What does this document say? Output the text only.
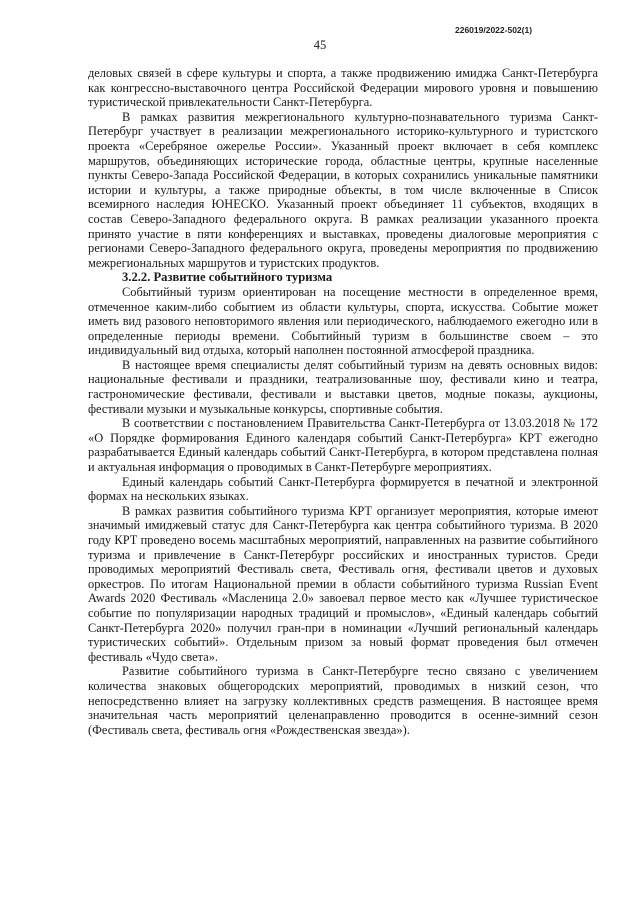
226019/2022-502(1)
45

деловых связей в сфере культуры и спорта, а также продвижению имиджа Санкт-Петербурга как конгрессно-выставочного центра Российской Федерации мирового уровня и повышению туристической привлекательности Санкт-Петербурга.

В рамках развития межрегионального культурно-познавательного туризма Санкт-Петербург участвует в реализации межрегионального историко-культурного и туристского проекта «Серебряное ожерелье России». Указанный проект включает в себя комплекс маршрутов, объединяющих исторические города, областные центры, крупные населенные пункты Северо-Запада Российской Федерации, в которых сохранились уникальные памятники истории и культуры, а также природные объекты, в том числе включенные в Список всемирного наследия ЮНЕСКО. Указанный проект объединяет 11 субъектов, входящих в состав Северо-Западного федерального округа. В рамках реализации указанного проекта принято участие в пяти конференциях и выставках, проведены диалоговые мероприятия с регионами Северо-Западного федерального округа, проведены мероприятия по продвижению межрегиональных маршрутов и туристских продуктов.

3.2.2. Развитие событийного туризма

Событийный туризм ориентирован на посещение местности в определенное время, отмеченное каким-либо событием из области культуры, спорта, искусства. Событие может иметь вид разового неповторимого явления или периодического, наблюдаемого ежегодно или в определенные периоды времени. Событийный туризм в большинстве своем – это индивидуальный вид отдыха, который наполнен постоянной атмосферой праздника.

В настоящее время специалисты делят событийный туризм на девять основных видов: национальные фестивали и праздники, театрализованные шоу, фестивали кино и театра, гастрономические фестивали, фестивали и выставки цветов, модные показы, аукционы, фестивали музыки и музыкальные конкурсы, спортивные события.

В соответствии с постановлением Правительства Санкт-Петербурга от 13.03.2018 № 172 «О Порядке формирования Единого календаря событий Санкт-Петербурга» КРТ ежегодно разрабатывается Единый календарь событий Санкт-Петербурга, в котором представлена полная и актуальная информация о проводимых в Санкт-Петербурге мероприятиях.

Единый календарь событий Санкт-Петербурга формируется в печатной и электронной формах на нескольких языках.

В рамках развития событийного туризма КРТ организует мероприятия, которые имеют значимый имиджевый статус для Санкт-Петербурга как центра событийного туризма. В 2020 году КРТ проведено восемь масштабных мероприятий, направленных на развитие событийного туризма и привлечение в Санкт-Петербург российских и иностранных туристов. Среди проводимых мероприятий Фестиваль света, Фестиваль огня, фестивали цветов и духовых оркестров. По итогам Национальной премии в области событийного туризма Russian Event Awards 2020 Фестиваль «Масленица 2.0» завоевал первое место как «Лучшее туристическое событие по популяризации народных традиций и промыслов», «Единый календарь событий Санкт-Петербурга 2020» получил гран-при в номинации «Лучший региональный календарь туристических событий». Отдельным призом за новый формат проведения был отмечен фестиваль «Чудо света».

Развитие событийного туризма в Санкт-Петербурге тесно связано с увеличением количества знаковых общегородских мероприятий, проводимых в низкий сезон, что непосредственно влияет на загрузку коллективных средств размещения. В настоящее время значительная часть мероприятий целенаправленно проводится в осенне-зимний сезон (Фестиваль света, фестиваль огня «Рождественская звезда»).
